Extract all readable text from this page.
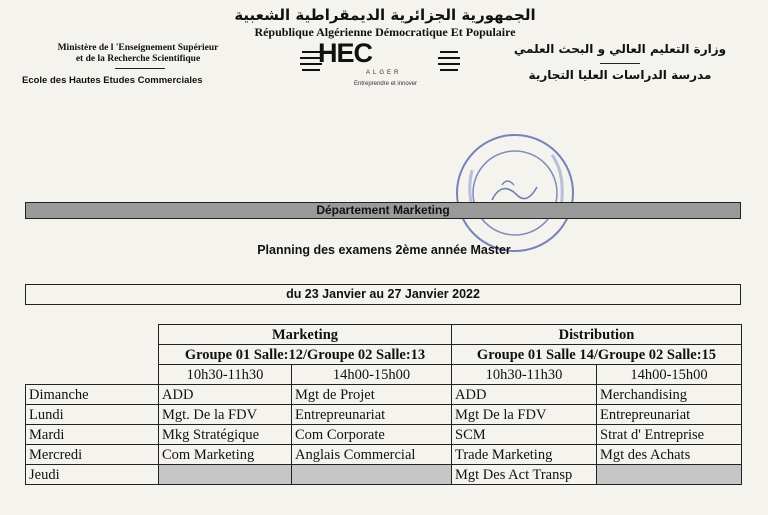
الجمهورية الجزائرية الديمقراطية الشعبية
République Algérienne Démocratique Et Populaire
Ministère de l 'Enseignement Supérieur
et de la Recherche Scientifique
Ecole des Hautes Etudes Commerciales
وزارة التعليم العالي و البحث العلمي
مدرسة الدراسات العليا التجارية
HEC
ALGER
Entreprendre et innover
Département Marketing
Planning des examens 2ème année Master
du 23 Janvier au 27 Janvier 2022
	Marketing		Distribution	
	Groupe 01 Salle:12/Groupe 02 Salle:13		Groupe 01 Salle 14/Groupe 02 Salle:15	
	10h30-11h30	14h00-15h00	10h30-11h30	14h00-15h00
Dimanche	ADD	Mgt de Projet	ADD	Merchandising
Lundi	Mgt. De la FDV	Entrepreunariat	Mgt De la FDV	Entrepreunariat
Mardi	Mkg Stratégique	Com Corporate	SCM	Strat d' Entreprise
Mercredi	Com Marketing	Anglais Commercial	Trade Marketing	Mgt des Achats
Jeudi			Mgt Des Act Transp	
